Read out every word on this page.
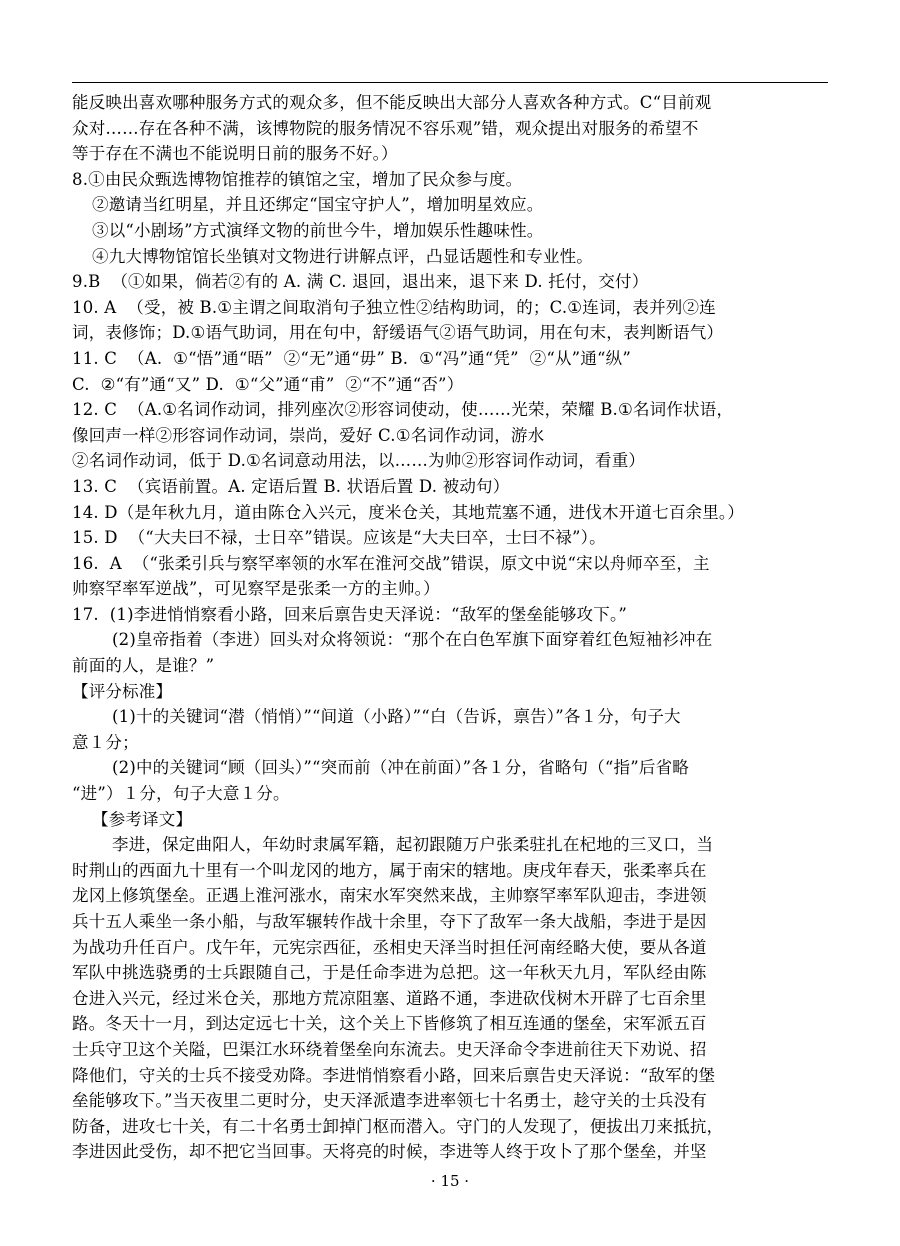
能反映出喜欢哪种服务方式的观众多，但不能反映出大部分人喜欢各种方式。C“目前观

众对……存在各种不满，该博物院的服务情况不容乐观”错，观众提出对服务的希望不

等于存在不满也不能说明日前的服务不好。）

8.①由民众甄选博物馆推荐的镇馆之宝，增加了民众参与度。

②邀请当红明星，并且还绑定“国宝守护人”，增加明星效应。

③以“小剧场”方式演绎文物的前世今牛，增加娱乐性趣味性。

④九大博物馆馆长坐镇对文物进行讲解点评，凸显话题性和专业性。

9.B  （①如果，倘若②有的 A. 满 C. 退回，退出来，退下来 D. 托付，交付）

10. A  （受，被 B.①主谓之间取消句子独立性②结构助词，的；C.①连词，表并列②连

词，表修饰；D.①语气助词，用在句中，舒缓语气②语气助词，用在句末，表判断语气）

11. C  （A.  ①“悟”通“晤”  ②“无”通“毋” B.  ①“冯”通“凭”  ②“从”通“纵”

C.  ②“有”通“又” D.  ①“父”通“甫”  ②“不”通“否”）

12. C  （A.①名词作动词，排列座次②形容词使动，使……光荣，荣耀 B.①名词作状语，

像回声一样②形容词作动词，崇尚，爱好 C.①名词作动词，游水

②名词作动词，低于 D.①名词意动用法，以……为帅②形容词作动词，看重）

13. C  （宾语前置。A. 定语后置 B. 状语后置 D. 被动句）

14. D（是年秋九月，道由陈仓入兴元，度米仓关，其地荒塞不通，进伐木开道七百余里。）

15. D  （“大夫曰不禄，士日卒”错误。应该是“大夫曰卒，士曰不禄”）。

16.  A  （“张柔引兵与察罕率领的水军在淮河交战”错误，原文中说“宋以舟师卒至，主

帅察罕率军逆战”，可见察罕是张柔一方的主帅。）

17.  (1)李进悄悄察看小路，回来后禀告史天泽说：“敌军的堡垒能够攻下。”

(2)皇帝指着（李进）回头对众将领说：“那个在白色军旗下面穿着红色短袖衫冲在

前面的人，是谁？”

【评分标准】

(1)十的关键词“潜（悄悄）”“间道（小路）”“白（告诉，禀告）”各１分，句子大

意１分；

(2)中的关键词“顾（回头）”“突而前（冲在前面）”各１分，省略句（“指”后省略

“进”）１分，句子大意１分。

【参考译文】

李进，保定曲阳人，年幼时隶属军籍，起初跟随万户张柔驻扎在杞地的三叉口，当

时荆山的西面九十里有一个叫龙冈的地方，属于南宋的辖地。庚戌年春天，张柔率兵在

龙冈上修筑堡垒。正遇上淮河涨水，南宋水军突然来战，主帅察罕率军队迎击，李进领

兵十五人乘坐一条小船，与敌军辗转作战十余里，夺下了敌军一条大战船，李进于是因

为战功升任百户。戊午年，元宪宗西征，丞相史天泽当时担任河南经略大使，要从各道

军队中挑选骁勇的士兵跟随自己，于是任命李进为总把。这一年秋天九月，军队经由陈

仓进入兴元，经过米仓关，那地方荒凉阻塞、道路不通，李进砍伐树木开辟了七百余里

路。冬天十一月，到达定远七十关，这个关上下皆修筑了相互连通的堡垒，宋军派五百

士兵守卫这个关隘，巴渠江水环绕着堡垒向东流去。史天泽命令李进前往天下劝说、招

降他们，守关的士兵不接受劝降。李进悄悄察看小路，回来后禀告史天泽说：“敌军的堡

垒能够攻下。”当天夜里二更时分，史天泽派遣李进率领七十名勇士，趁守关的士兵没有

防备，进攻七十关，有二十名勇士卸掉门枢而潜入。守门的人发现了，便拔出刀来抵抗，

李进因此受伤，却不把它当回事。天将亮的时候，李进等人终于攻卜了那个堡垒，并坚

· 15 ·
